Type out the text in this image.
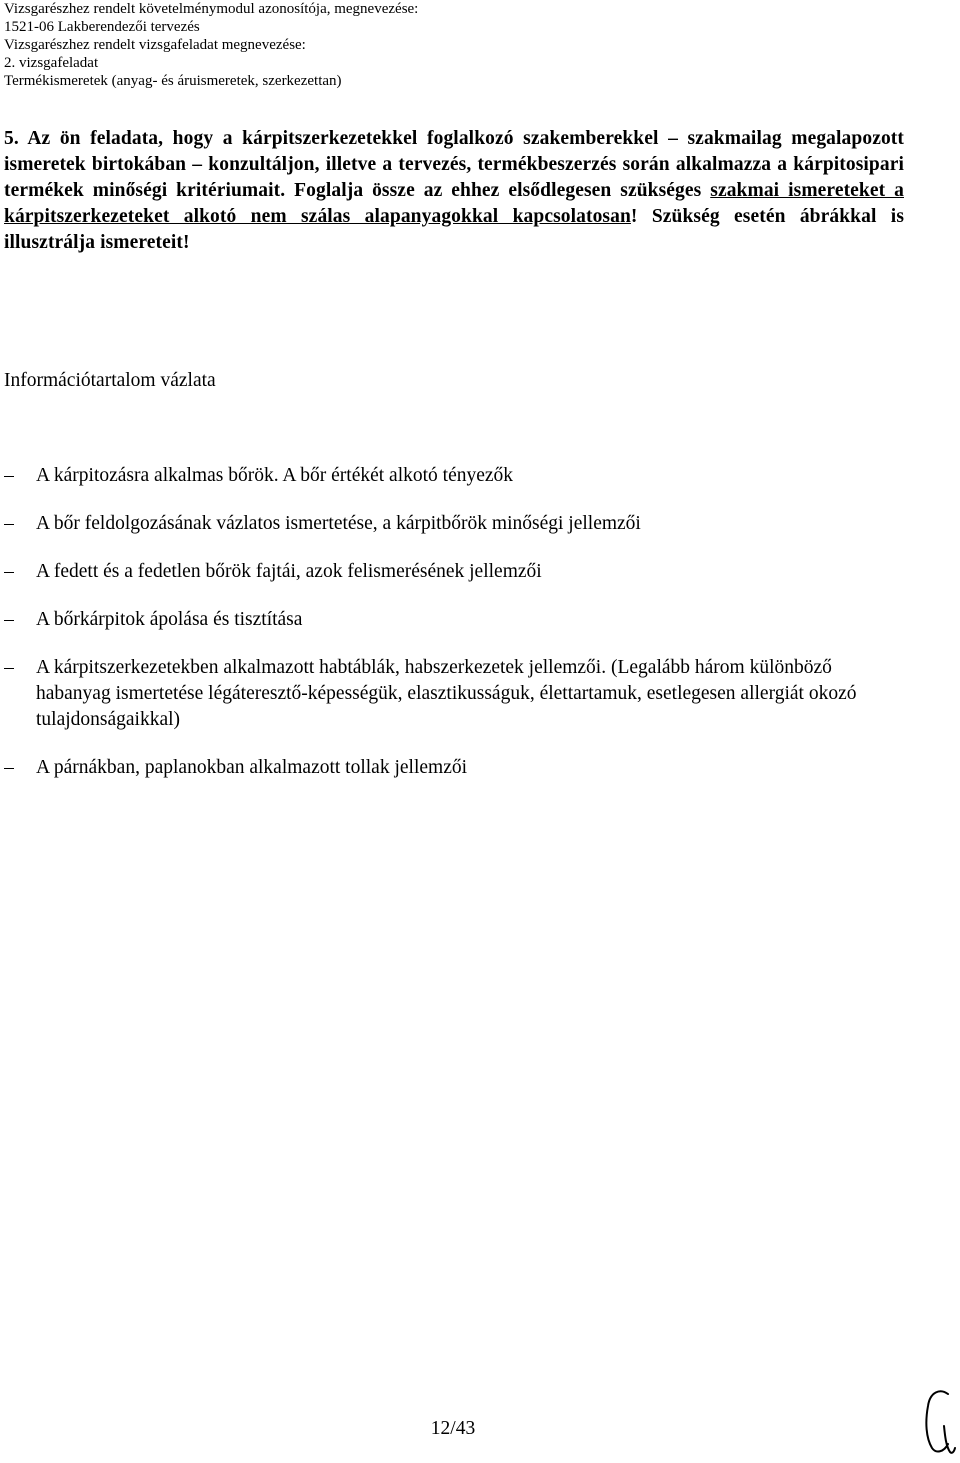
Vizsgarészhez rendelt követelménymodul azonosítója, megnevezése:
1521-06 Lakberendezői tervezés
Vizsgarészhez rendelt vizsgafeladat megnevezése:
2. vizsgafeladat
Termékismeretek (anyag- és áruismeretek, szerkezettan)
5. Az ön feladata, hogy a kárpitszerkezetekkel foglalkozó szakemberekkel – szakmailag megalapozott ismeretek birtokában – konzultáljon, illetve a tervezés, termékbeszerzés során alkalmazza a kárpitosipari termékek minőségi kritériumait. Foglalja össze az ehhez elsődlegesen szükséges szakmai ismereteket a kárpitszerkezeteket alkotó nem szálas alapanyagokkal kapcsolatosan! Szükség esetén ábrákkal is illusztrálja ismereteit!
Információtartalom vázlata
A kárpitozásra alkalmas bőrök. A bőr értékét alkotó tényezők
A bőr feldolgozásának vázlatos ismertetése, a kárpitbőrök minőségi jellemzői
A fedett és a fedetlen bőrök fajtái, azok felismerésének jellemzői
A bőrkárpitok ápolása és tisztítása
A kárpitszerkezetekben alkalmazott habtáblák, habszerkezetek jellemzői. (Legalább három különböző habanyag ismertetése légáteresztő-képességük, elasztikusságuk, élettartamuk, esetlegesen allergiát okozó tulajdonságaikkal)
A párnákban, paplanokban alkalmazott tollak jellemzői
12/43
